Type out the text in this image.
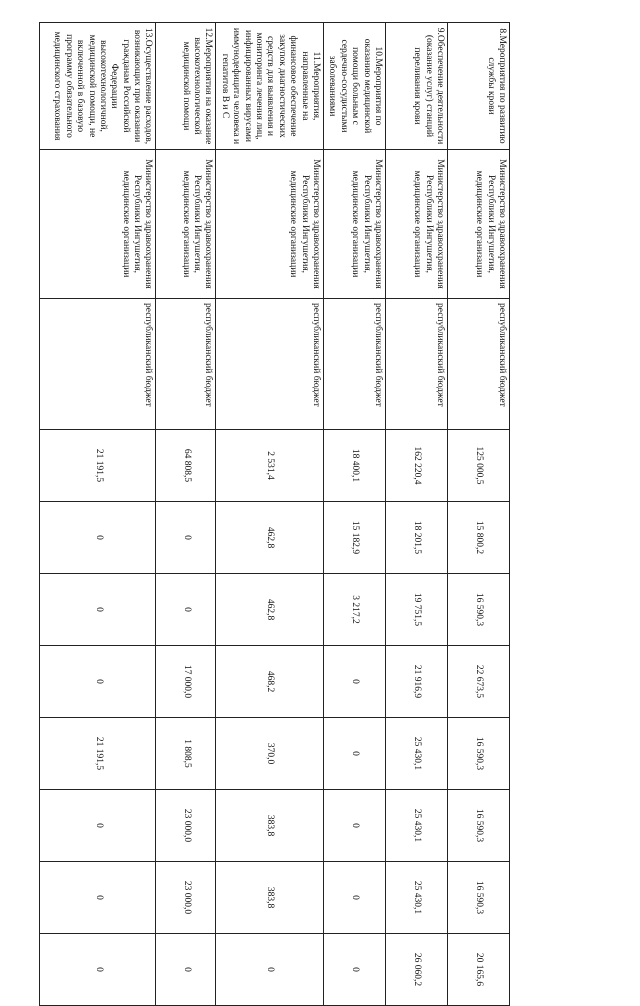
8.Мероприятия по развитию службы крови	Министерство здравоохранения Республики Ингушетия, медицинские организации	республиканский бюджет	125 000,5	15 800,2	16 590,3	22 673,5	16 590,3	16 590,3	16 590,3	20 165,6
9.Обеспечение деятельности (оказание услуг) станций переливания крови	Министерство здравоохранения Республики Ингушетия, медицинские организации	республиканский бюджет	162 220,4	18 201,5	19 751,5	21 916,9	25 430,1	25 430,1	25 430,1	26 060,2
10.Мероприятия по оказанию медицинской помощи больным с сердечно-сосудистыми заболеваниями	Министерство здравоохранения Республики Ингушетия, медицинские организации	республиканский бюджет	18 400,1	15 182,9	3 217,2	0	0	0	0	0
11.Мероприятия, направленные на финансовое обеспечение закупок диагностических средств для выявления и мониторинга лечения лиц, инфицированных вирусами иммунодефицита человека и гепатитов В и С	Министерство здравоохранения Республики Ингушетия, медицинские организации	республиканский бюджет	2 531,4	462,8	462,8	468,2	370,0	383,8	383,8	0
12.Мероприятия на оказание высокотехнологической медицинской помощи	Министерство здравоохранения Республики Ингушетия, медицинские организации	республиканский бюджет	64 808,5	0	0	17 000,0	1 808,5	23 000,0	23 000,0	0
13.Осуществление расходов, возникающих при оказании гражданам Российской Федерации высокотехнологичной, медицинской помощи, не включенной в базовую программу обязательного медицинского страхования	Министерство здравоохранения Республики Ингушетия, медицинские организации	республиканский бюджет	21 191,5	0	0	0	21 191,5	0	0	0
